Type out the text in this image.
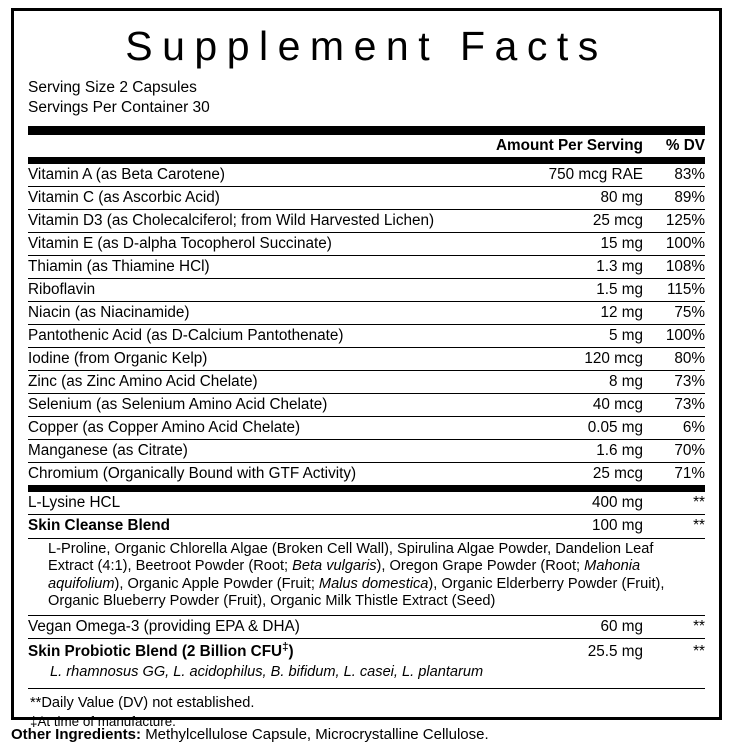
Supplement Facts
Serving Size 2 Capsules
Servings Per Container 30
	Amount Per Serving	% DV
Vitamin A (as Beta Carotene)	750 mcg RAE	83%
Vitamin C (as Ascorbic Acid)	80 mg	89%
Vitamin D3 (as Cholecalciferol; from Wild Harvested Lichen)	25 mcg	125%
Vitamin E (as D-alpha Tocopherol Succinate)	15 mg	100%
Thiamin (as Thiamine HCl)	1.3 mg	108%
Riboflavin	1.5 mg	115%
Niacin (as Niacinamide)	12 mg	75%
Pantothenic Acid (as D-Calcium Pantothenate)	5 mg	100%
Iodine (from Organic Kelp)	120 mcg	80%
Zinc (as Zinc Amino Acid Chelate)	8 mg	73%
Selenium (as Selenium Amino Acid Chelate)	40 mcg	73%
Copper (as Copper Amino Acid Chelate)	0.05 mg	6%
Manganese (as Citrate)	1.6 mg	70%
Chromium (Organically Bound with GTF Activity)	25 mcg	71%
L-Lysine HCL	400 mg	**
Skin Cleanse Blend	100 mg	**

L-Proline, Organic Chlorella Algae (Broken Cell Wall), Spirulina Algae Powder, Dandelion Leaf Extract (4:1), Beetroot Powder (Root; Beta vulgaris), Oregon Grape Powder (Root; Mahonia aquifolium), Organic Apple Powder (Fruit; Malus domestica), Organic Elderberry Powder (Fruit), Organic Blueberry Powder (Fruit), Organic Milk Thistle Extract (Seed)		

Vegan Omega-3 (providing EPA & DHA)	60 mg	**
Skin Probiotic Blend (2 Billion CFU‡)	25.5 mg	**

L. rhamnosus GG, L. acidophilus, B. bifidum, L. casei, L. plantarum		
**Daily Value (DV) not established.
‡At time of manufacture.
Other Ingredients: Methylcellulose Capsule, Microcrystalline Cellulose.
